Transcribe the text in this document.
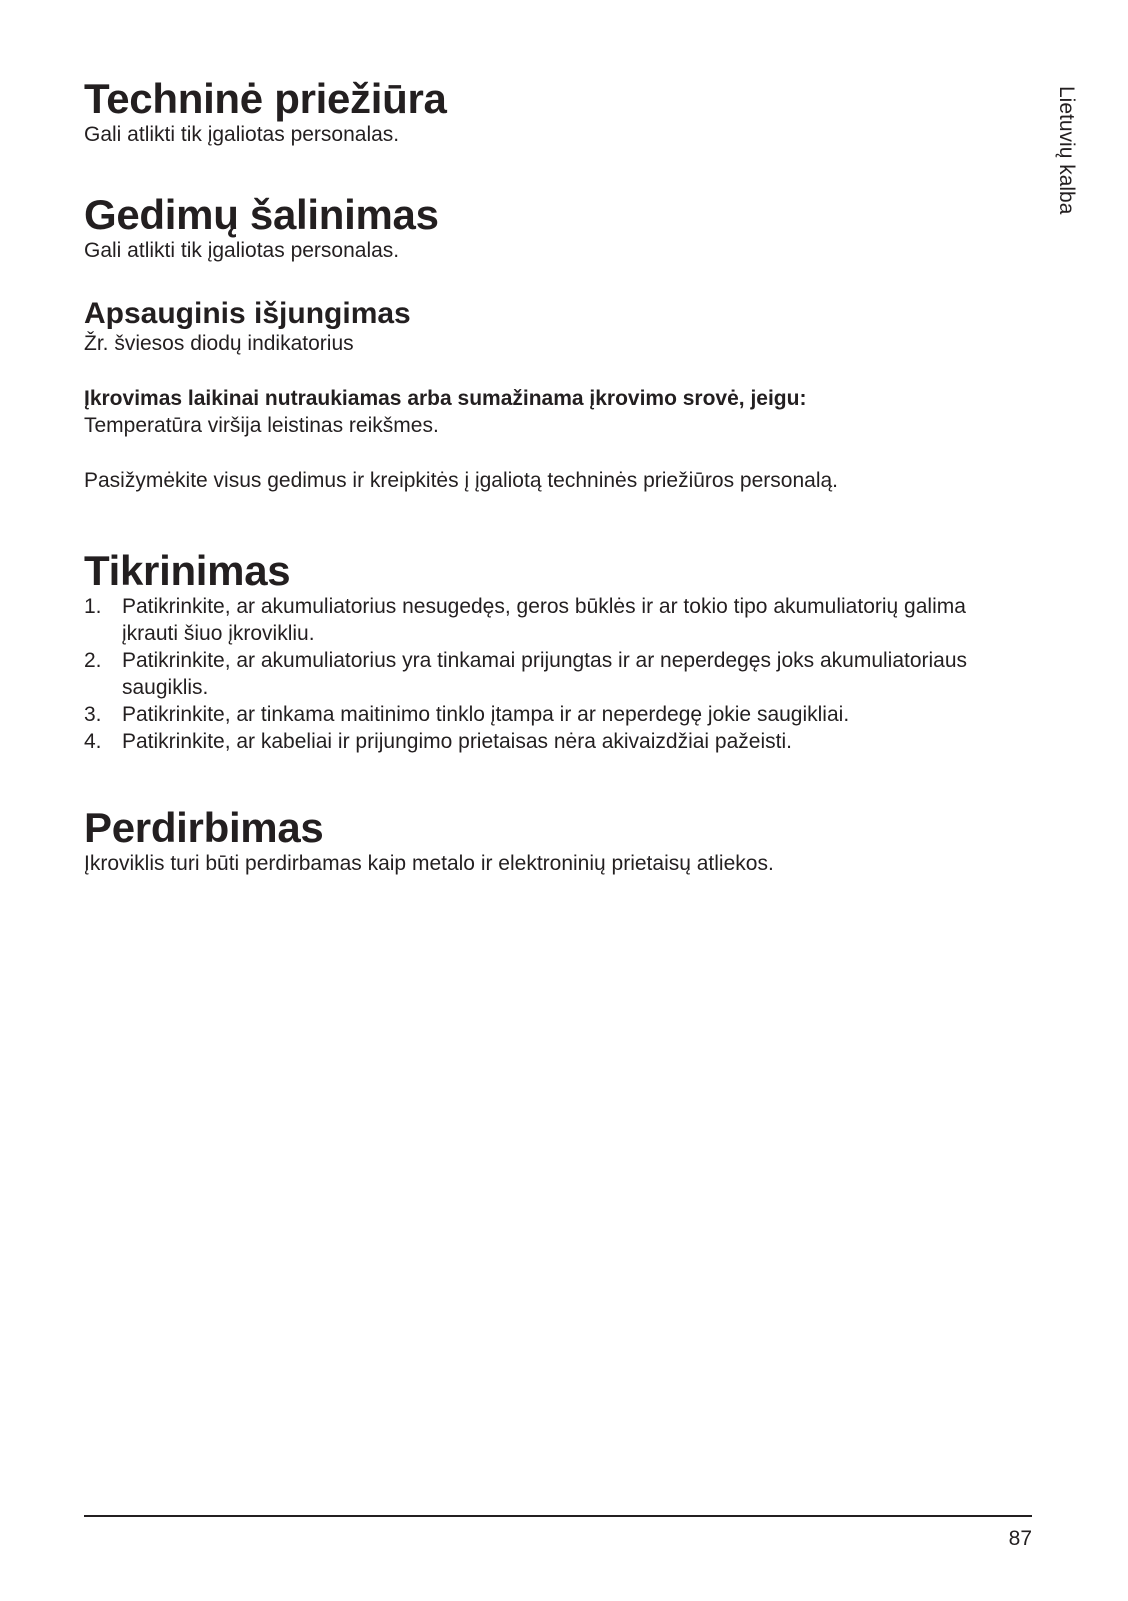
Techninė priežiūra

Gali atlikti tik įgaliotas personalas.

Gedimų šalinimas

Gali atlikti tik įgaliotas personalas.

Apsauginis išjungimas

Žr. šviesos diodų indikatorius

Įkrovimas laikinai nutraukiamas arba sumažinama įkrovimo srovė, jeigu:

Temperatūra viršija leistinas reikšmes.

Pasižymėkite visus gedimus ir kreipkitės į įgaliotą techninės priežiūros personalą.

Tikrinimas
1. Patikrinkite, ar akumuliatorius nesugedęs, geros būklės ir ar tokio tipo akumuliatorių galima įkrauti šiuo įkrovikliu.
2. Patikrinkite, ar akumuliatorius yra tinkamai prijungtas ir ar neperdegęs joks akumuliatoriaus saugiklis.
3. Patikrinkite, ar tinkama maitinimo tinklo įtampa ir ar neperdegę jokie saugikliai.
4. Patikrinkite, ar kabeliai ir prijungimo prietaisas nėra akivaizdžiai pažeisti.
Perdirbimas

Įkroviklis turi būti perdirbamas kaip metalo ir elektroninių prietaisų atliekos.

Lietuvių kalba
87
